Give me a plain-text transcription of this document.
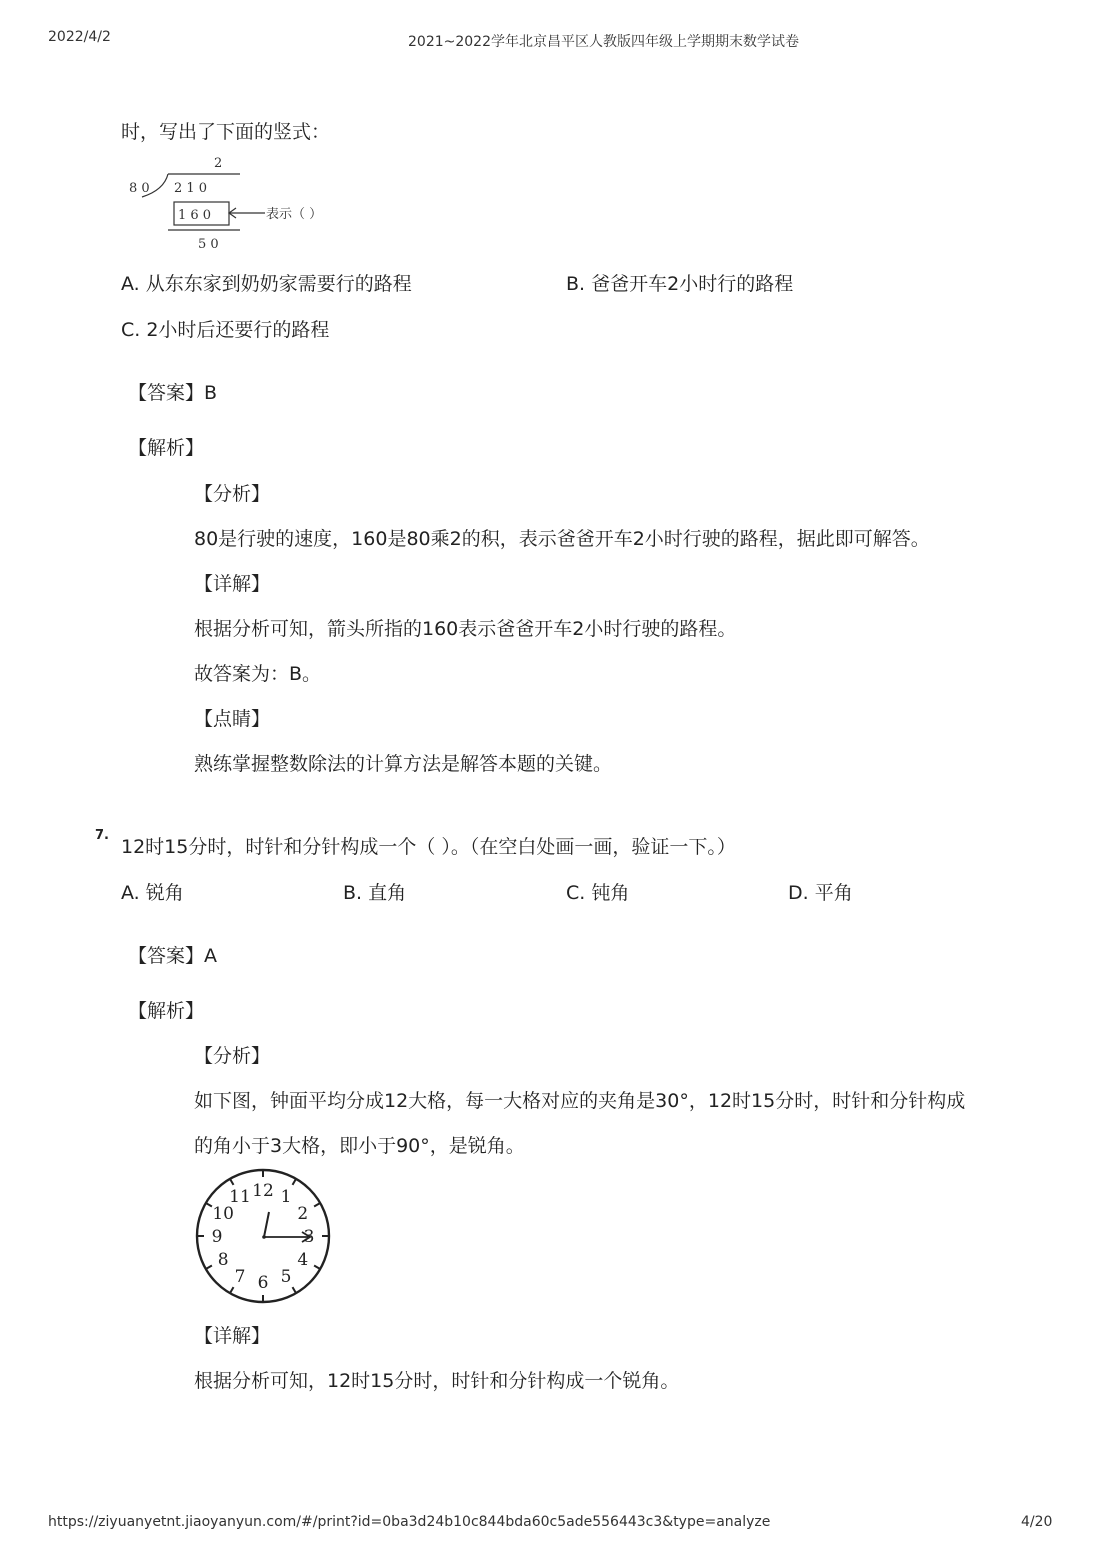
2022/4/2	2021~2022学年北京昌平区人教版四年级上学期期末数学试卷
时，写出了下面的竖式：
2
8 0 2 1 0
1 6 0	表示（ ）
5 0
A. 从东东家到奶奶家需要行的路程	B. 爸爸开车2小时行的路程
C. 2小时后还要行的路程
【答案】B
【解析】
【分析】
80是行驶的速度，160是80乘2的积，表示爸爸开车2小时行驶的路程，据此即可解答。
【详解】
根据分析可知，箭头所指的160表示爸爸开车2小时行驶的路程。
故答案为：B。
【点睛】
熟练掌握整数除法的计算方法是解答本题的关键。
7.
12时15分时，时针和分针构成一个（ ）。（在空白处画一画，验证一下。）
A. 锐角	B. 直角	C. 钝角	D. 平角
【答案】A
【解析】
【分析】
如下图，钟面平均分成12大格，每一大格对应的夹角是30°，12时15分时，时针和分针构成
的角小于3大格，即小于90°，是锐角。
12 1
2
3
4
5
6
7
8
9
10
11
【详解】
根据分析可知，12时15分时，时针和分针构成一个锐角。
https://ziyuanyetnt.jiaoyanyun.com/#/print?id=0ba3d24b10c844bda60c5ade556443c3&type=analyze	4/20
